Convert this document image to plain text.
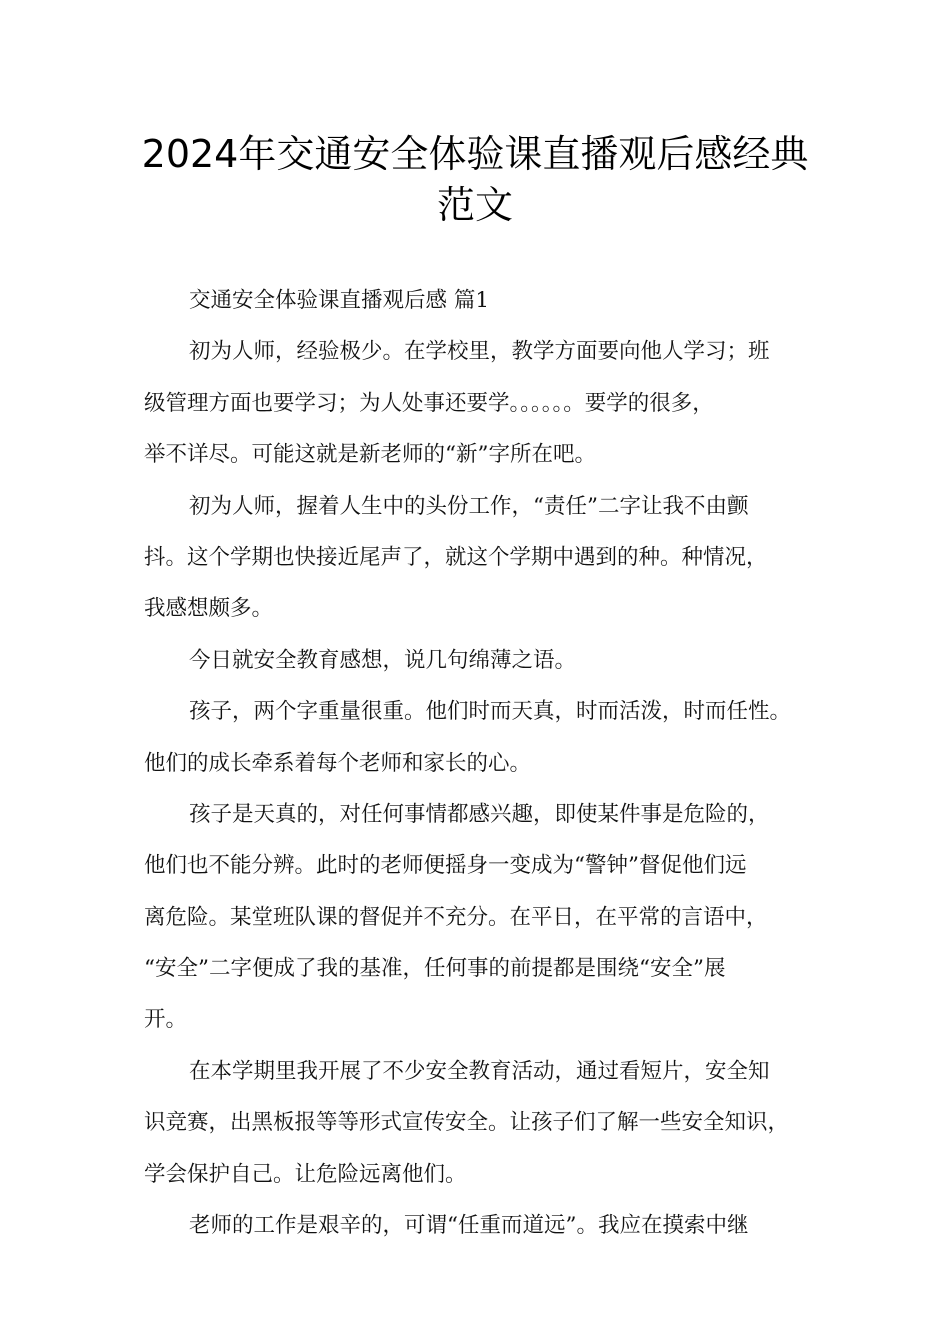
2024年交通安全体验课直播观后感经典
范文
交通安全体验课直播观后感 篇1
初为人师，经验极少。在学校里，教学方面要向他人学习；班
级管理方面也要学习；为人处事还要学。。。。。。要学的很多，
举不详尽。可能这就是新老师的“新”字所在吧。
初为人师，握着人生中的头份工作，“责任”二字让我不由颤
抖。这个学期也快接近尾声了，就这个学期中遇到的种。种情况，
我感想颇多。
今日就安全教育感想，说几句绵薄之语。
孩子，两个字重量很重。他们时而天真，时而活泼，时而任性。
他们的成长牵系着每个老师和家长的心。
孩子是天真的，对任何事情都感兴趣，即使某件事是危险的，
他们也不能分辨。此时的老师便摇身一变成为“警钟”督促他们远
离危险。某堂班队课的督促并不充分。在平日，在平常的言语中，
“安全”二字便成了我的基准，任何事的前提都是围绕“安全”展
开。
在本学期里我开展了不少安全教育活动，通过看短片，安全知
识竞赛，出黑板报等等形式宣传安全。让孩子们了解一些安全知识，
学会保护自己。让危险远离他们。
老师的工作是艰辛的，可谓“任重而道远”。我应在摸索中继
